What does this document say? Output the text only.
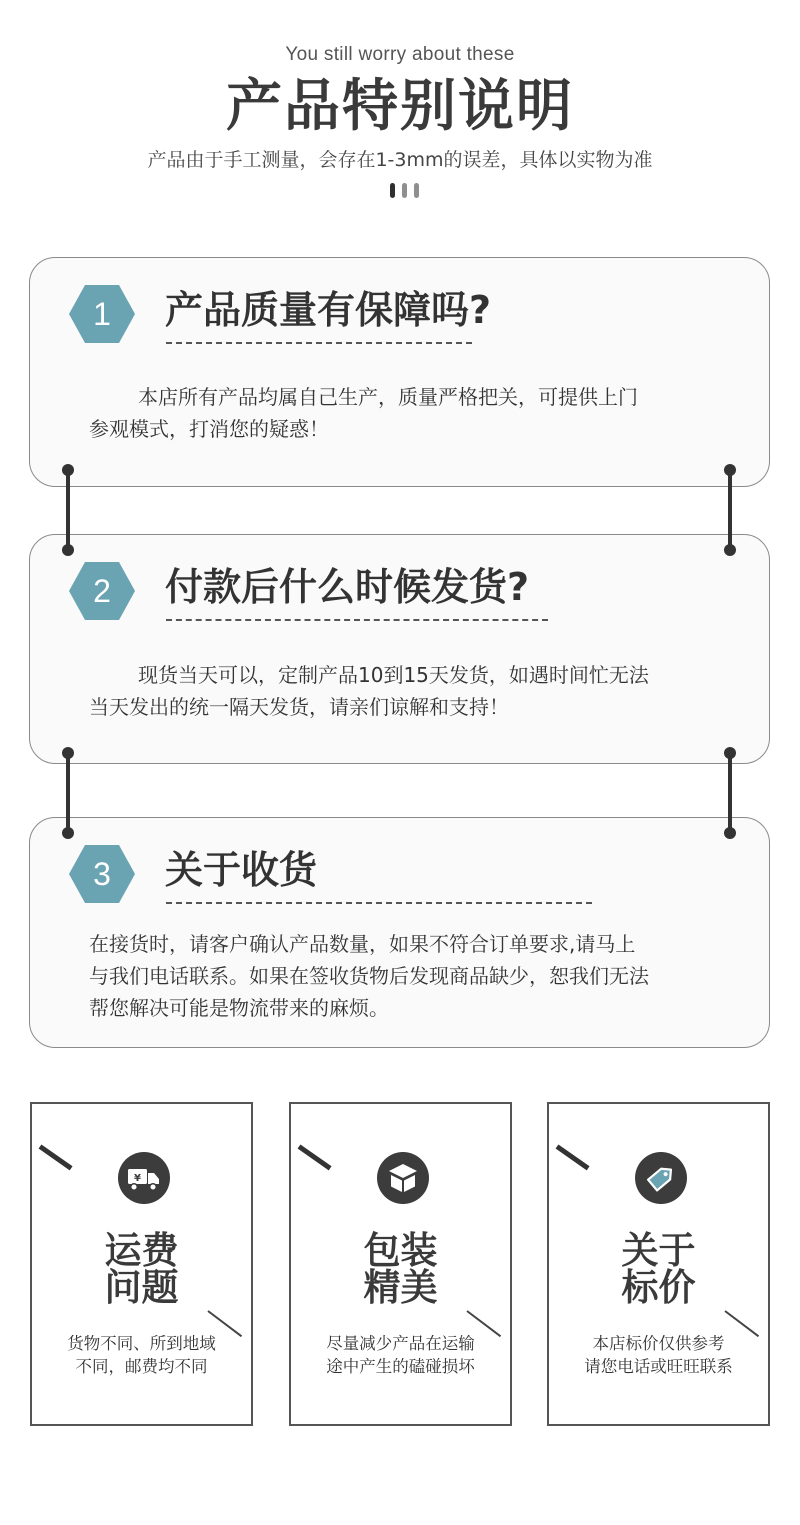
You still worry about these
产品特别说明
产品由于手工测量，会存在1-3mm的误差，具体以实物为准
1	产品质量有保障吗?
本店所有产品均属自己生产，质量严格把关，可提供上门
参观模式，打消您的疑惑！
2	付款后什么时候发货?
现货当天可以，定制产品10到15天发货，如遇时间忙无法
当天发出的统一隔天发货，请亲们谅解和支持！
3	关于收货
在接货时，请客户确认产品数量，如果不符合订单要求,请马上
与我们电话联系。如果在签收货物后发现商品缺少，恕我们无法
帮您解决可能是物流带来的麻烦。
¥
运费
问题
货物不同、所到地域
不同，邮费均不同
包装
精美
尽量减少产品在运输
途中产生的磕碰损坏
关于
标价
本店标价仅供参考
请您电话或旺旺联系
